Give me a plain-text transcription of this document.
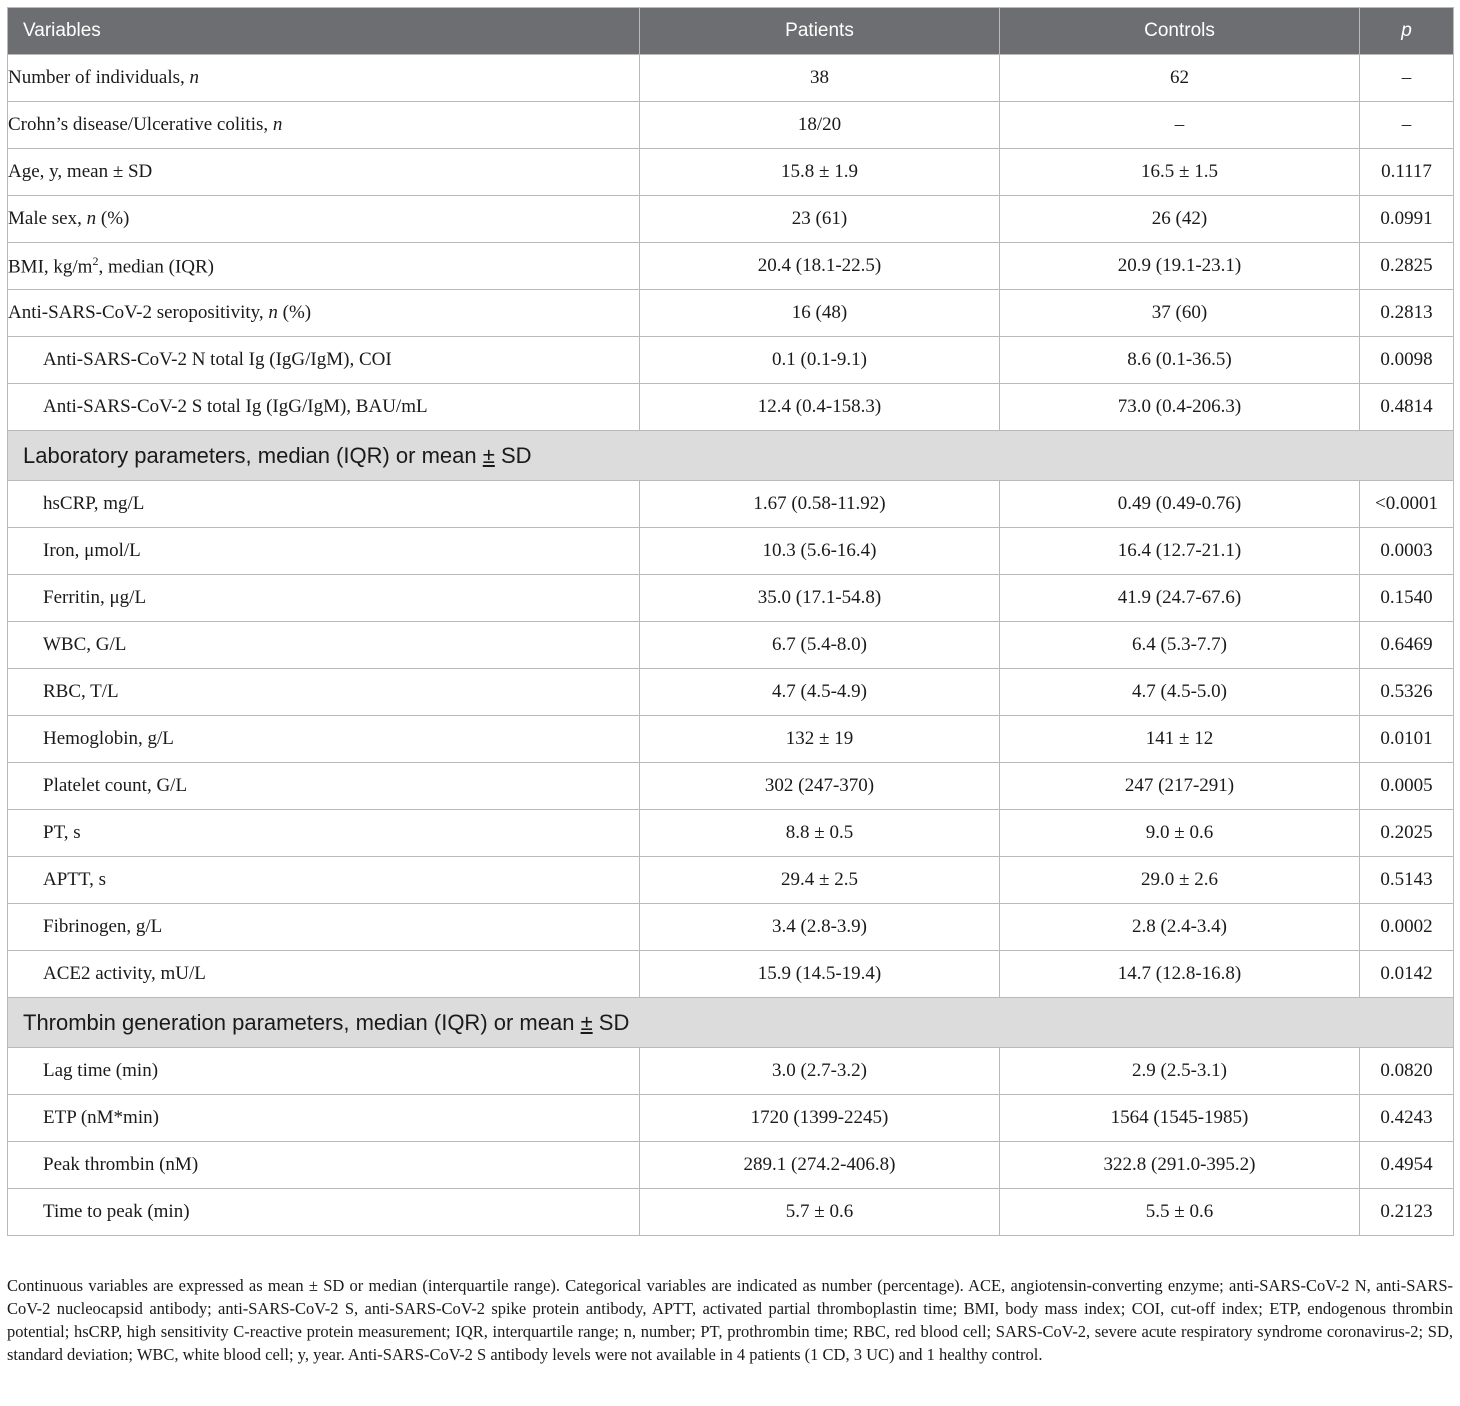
Variables	Patients	Controls	p
Number of individuals, n	38	62	–
Crohn’s disease/Ulcerative colitis, n	18/20	–	–
Age, y, mean ± SD	15.8 ± 1.9	16.5 ± 1.5	0.1117
Male sex, n (%)	23 (61)	26 (42)	0.0991
BMI, $kg/m^2$, median (IQR)	20.4 (18.1-22.5)	20.9 (19.1-23.1)	0.2825
Anti-SARS-CoV-2 seropositivity, n (%)	16 (48)	37 (60)	0.2813
Anti-SARS-CoV-2 N total Ig (IgG/IgM), COI	0.1 (0.1-9.1)	8.6 (0.1-36.5)	0.0098
Anti-SARS-CoV-2 S total Ig (IgG/IgM), BAU/mL	12.4 (0.4-158.3)	73.0 (0.4-206.3)	0.4814
Laboratory parameters, median (IQR) or mean ± SD			
hsCRP, mg/L	1.67 (0.58-11.92)	0.49 (0.49-0.76)	<0.0001
Iron, μmol/L	10.3 (5.6-16.4)	16.4 (12.7-21.1)	0.0003
Ferritin, μg/L	35.0 (17.1-54.8)	41.9 (24.7-67.6)	0.1540
WBC, G/L	6.7 (5.4-8.0)	6.4 (5.3-7.7)	0.6469
RBC, T/L	4.7 (4.5-4.9)	4.7 (4.5-5.0)	0.5326
Hemoglobin, g/L	132 ± 19	141 ± 12	0.0101
Platelet count, G/L	302 (247-370)	247 (217-291)	0.0005
PT, s	8.8 ± 0.5	9.0 ± 0.6	0.2025
APTT, s	29.4 ± 2.5	29.0 ± 2.6	0.5143
Fibrinogen, g/L	3.4 (2.8-3.9)	2.8 (2.4-3.4)	0.0002
ACE2 activity, mU/L	15.9 (14.5-19.4)	14.7 (12.8-16.8)	0.0142
Thrombin generation parameters, median (IQR) or mean ± SD			
Lag time (min)	3.0 (2.7-3.2)	2.9 (2.5-3.1)	0.0820
ETP (nM*min)	1720 (1399-2245)	1564 (1545-1985)	0.4243
Peak thrombin (nM)	289.1 (274.2-406.8)	322.8 (291.0-395.2)	0.4954
Time to peak (min)	5.7 ± 0.6	5.5 ± 0.6	0.2123
Continuous variables are expressed as mean ± SD or median (interquartile range). Categorical variables are indicated as number (percentage). ACE, angiotensin-converting enzyme; anti-SARS-CoV-2 N, anti-SARS-CoV-2 nucleocapsid antibody; anti-SARS-CoV-2 S, anti-SARS-CoV-2 spike protein antibody, APTT, activated partial thromboplastin time; BMI, body mass index; COI, cut-off index; ETP, endogenous thrombin potential; hsCRP, high sensitivity C-reactive protein measurement; IQR, interquartile range; n, number; PT, prothrombin time; RBC, red blood cell; SARS-CoV-2, severe acute respiratory syndrome coronavirus-2; SD, standard deviation; WBC, white blood cell; y, year. Anti-SARS-CoV-2 S antibody levels were not available in 4 patients (1 CD, 3 UC) and 1 healthy control.
